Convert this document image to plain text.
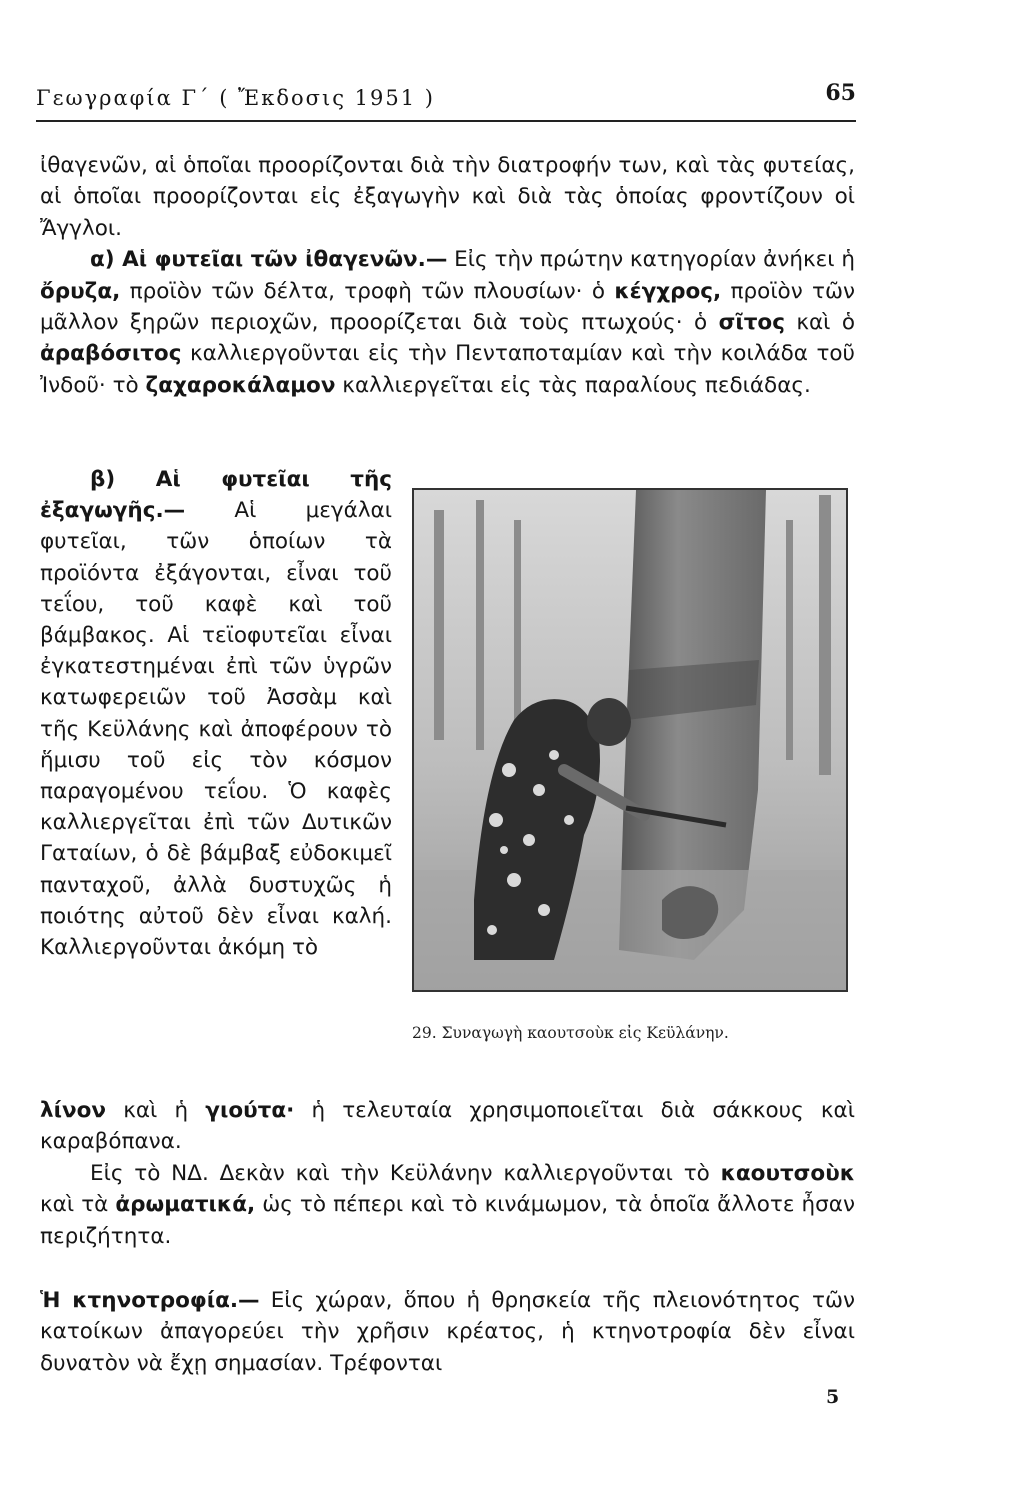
Γεωγραφία Γ΄ ( Ἔκδοσις 1951 )	65
ἰθαγενῶν, αἱ ὁποῖαι προορίζονται διὰ τὴν διατροφήν των, καὶ τὰς φυτείας, αἱ ὁποῖαι προορίζονται εἰς ἐξαγωγὴν καὶ διὰ τὰς ὁποίας φροντίζουν οἱ Ἄγγλοι.
α) Αἱ φυτεῖαι τῶν ἰθαγενῶν.— Εἰς τὴν πρώτην κατηγορίαν ἀνήκει ἡ ὄρυζα, προϊὸν τῶν δέλτα, τροφὴ τῶν πλουσίων· ὁ κέγχρος, προϊὸν τῶν μᾶλλον ξηρῶν περιοχῶν, προορίζεται διὰ τοὺς πτωχούς· ὁ σῖτος καὶ ὁ ἀραβόσιτος καλλιεργοῦνται εἰς τὴν Πενταποταμίαν καὶ τὴν κοιλάδα τοῦ Ἰνδοῦ· τὸ ζαχαροκάλαμον καλλιεργεῖται εἰς τὰς παραλίους πεδιάδας.
β) Αἱ φυτεῖαι τῆς ἐξαγωγῆς.— Αἱ μεγάλαι φυτεῖαι, τῶν ὁποίων τὰ προϊόντα ἐξάγονται, εἶναι τοῦ τεΐου, τοῦ καφὲ καὶ τοῦ βάμβακος. Αἱ τεϊοφυτεῖαι εἶναι ἐγκατεστημέναι ἐπὶ τῶν ὑγρῶν κατωφερειῶν τοῦ Ἀσσὰμ καὶ τῆς Κεϋλάνης καὶ ἀποφέρουν τὸ ἥμισυ τοῦ εἰς τὸν κόσμον παραγομένου τεΐου. Ὁ καφὲς καλλιεργεῖται ἐπὶ τῶν Δυτικῶν Γαταίων, ὁ δὲ βάμβαξ εὐδοκιμεῖ πανταχοῦ, ἀλλὰ δυστυχῶς ἡ ποιότης αὐτοῦ δὲν εἶναι καλή. Καλλιεργοῦνται ἀκόμη τὸ
29. Συναγωγὴ καουτσοὺκ εἰς Κεϋλάνην.
λίνον καὶ ἡ γιούτα· ἡ τελευταία χρησιμοποιεῖται διὰ σάκκους καὶ καραβόπανα.
Εἰς τὸ ΝΔ. Δεκὰν καὶ τὴν Κεϋλάνην καλλιεργοῦνται τὸ καουτσοὺκ καὶ τὰ ἀρωματικά, ὡς τὸ πέπερι καὶ τὸ κινάμωμον, τὰ ὁποῖα ἄλλοτε ἦσαν περιζήτητα.
Ἡ κτηνοτροφία.— Εἰς χώραν, ὅπου ἡ θρησκεία τῆς πλειονότητος τῶν κατοίκων ἀπαγορεύει τὴν χρῆσιν κρέατος, ἡ κτηνοτροφία δὲν εἶναι δυνατὸν νὰ ἔχῃ σημασίαν. Τρέφονται
5
